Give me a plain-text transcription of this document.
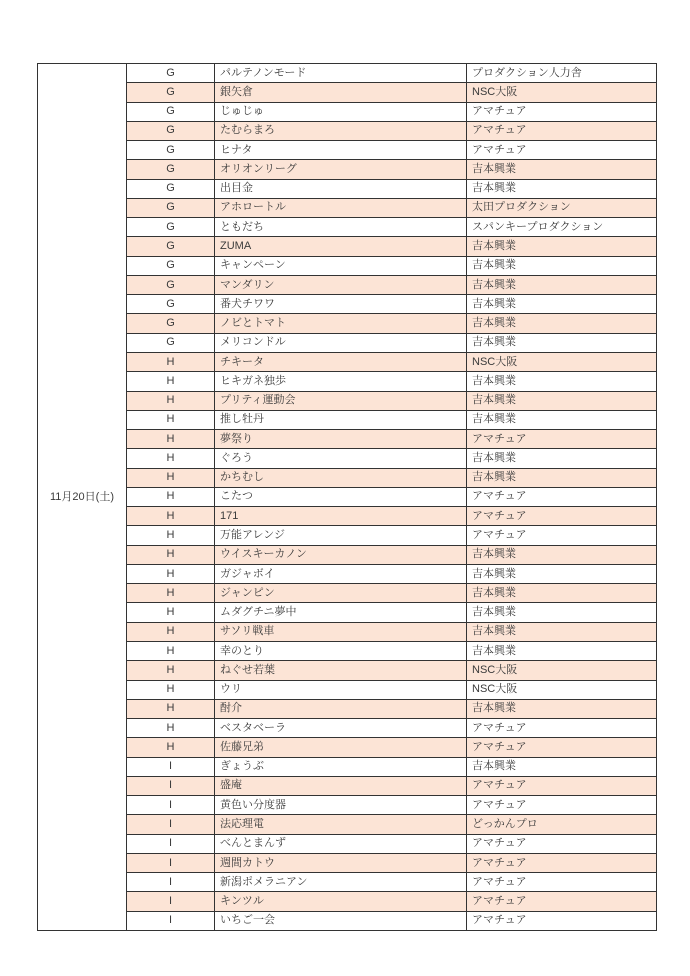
11月20日(土)	G	パルテノンモード	プロダクション人力舎
	G	銀矢倉	NSC大阪
	G	じゅじゅ	アマチュア
	G	たむらまろ	アマチュア
	G	ヒナタ	アマチュア
	G	オリオンリーグ	吉本興業
	G	出目金	吉本興業
	G	アホロートル	太田プロダクション
	G	ともだち	スパンキープロダクション
	G	ZUMA	吉本興業
	G	キャンペーン	吉本興業
	G	マンダリン	吉本興業
	G	番犬チワワ	吉本興業
	G	ノビとトマト	吉本興業
	G	メリコンドル	吉本興業
	H	チキータ	NSC大阪
	H	ヒキガネ独歩	吉本興業
	H	プリティ運動会	吉本興業
	H	推し牡丹	吉本興業
	H	夢祭り	アマチュア
	H	ぐろう	吉本興業
	H	かちむし	吉本興業
	H	こたつ	アマチュア
	H	171	アマチュア
	H	万能アレンジ	アマチュア
	H	ウイスキーカノン	吉本興業
	H	ガジャボイ	吉本興業
	H	ジャンピン	吉本興業
	H	ムダグチニ夢中	吉本興業
	H	サソリ戦車	吉本興業
	H	幸のとり	吉本興業
	H	ねぐせ若葉	NSC大阪
	H	ウリ	NSC大阪
	H	酎介	吉本興業
	H	ベスタベーラ	アマチュア
	H	佐藤兄弟	アマチュア
	I	ぎょうぶ	吉本興業
	I	盛庵	アマチュア
	I	黄色い分度器	アマチュア
	I	法応理電	どっかんプロ
	I	べんとまんず	アマチュア
	I	週間カトウ	アマチュア
	I	新潟ポメラニアン	アマチュア
	I	キンツル	アマチュア
	I	いちご一会	アマチュア
